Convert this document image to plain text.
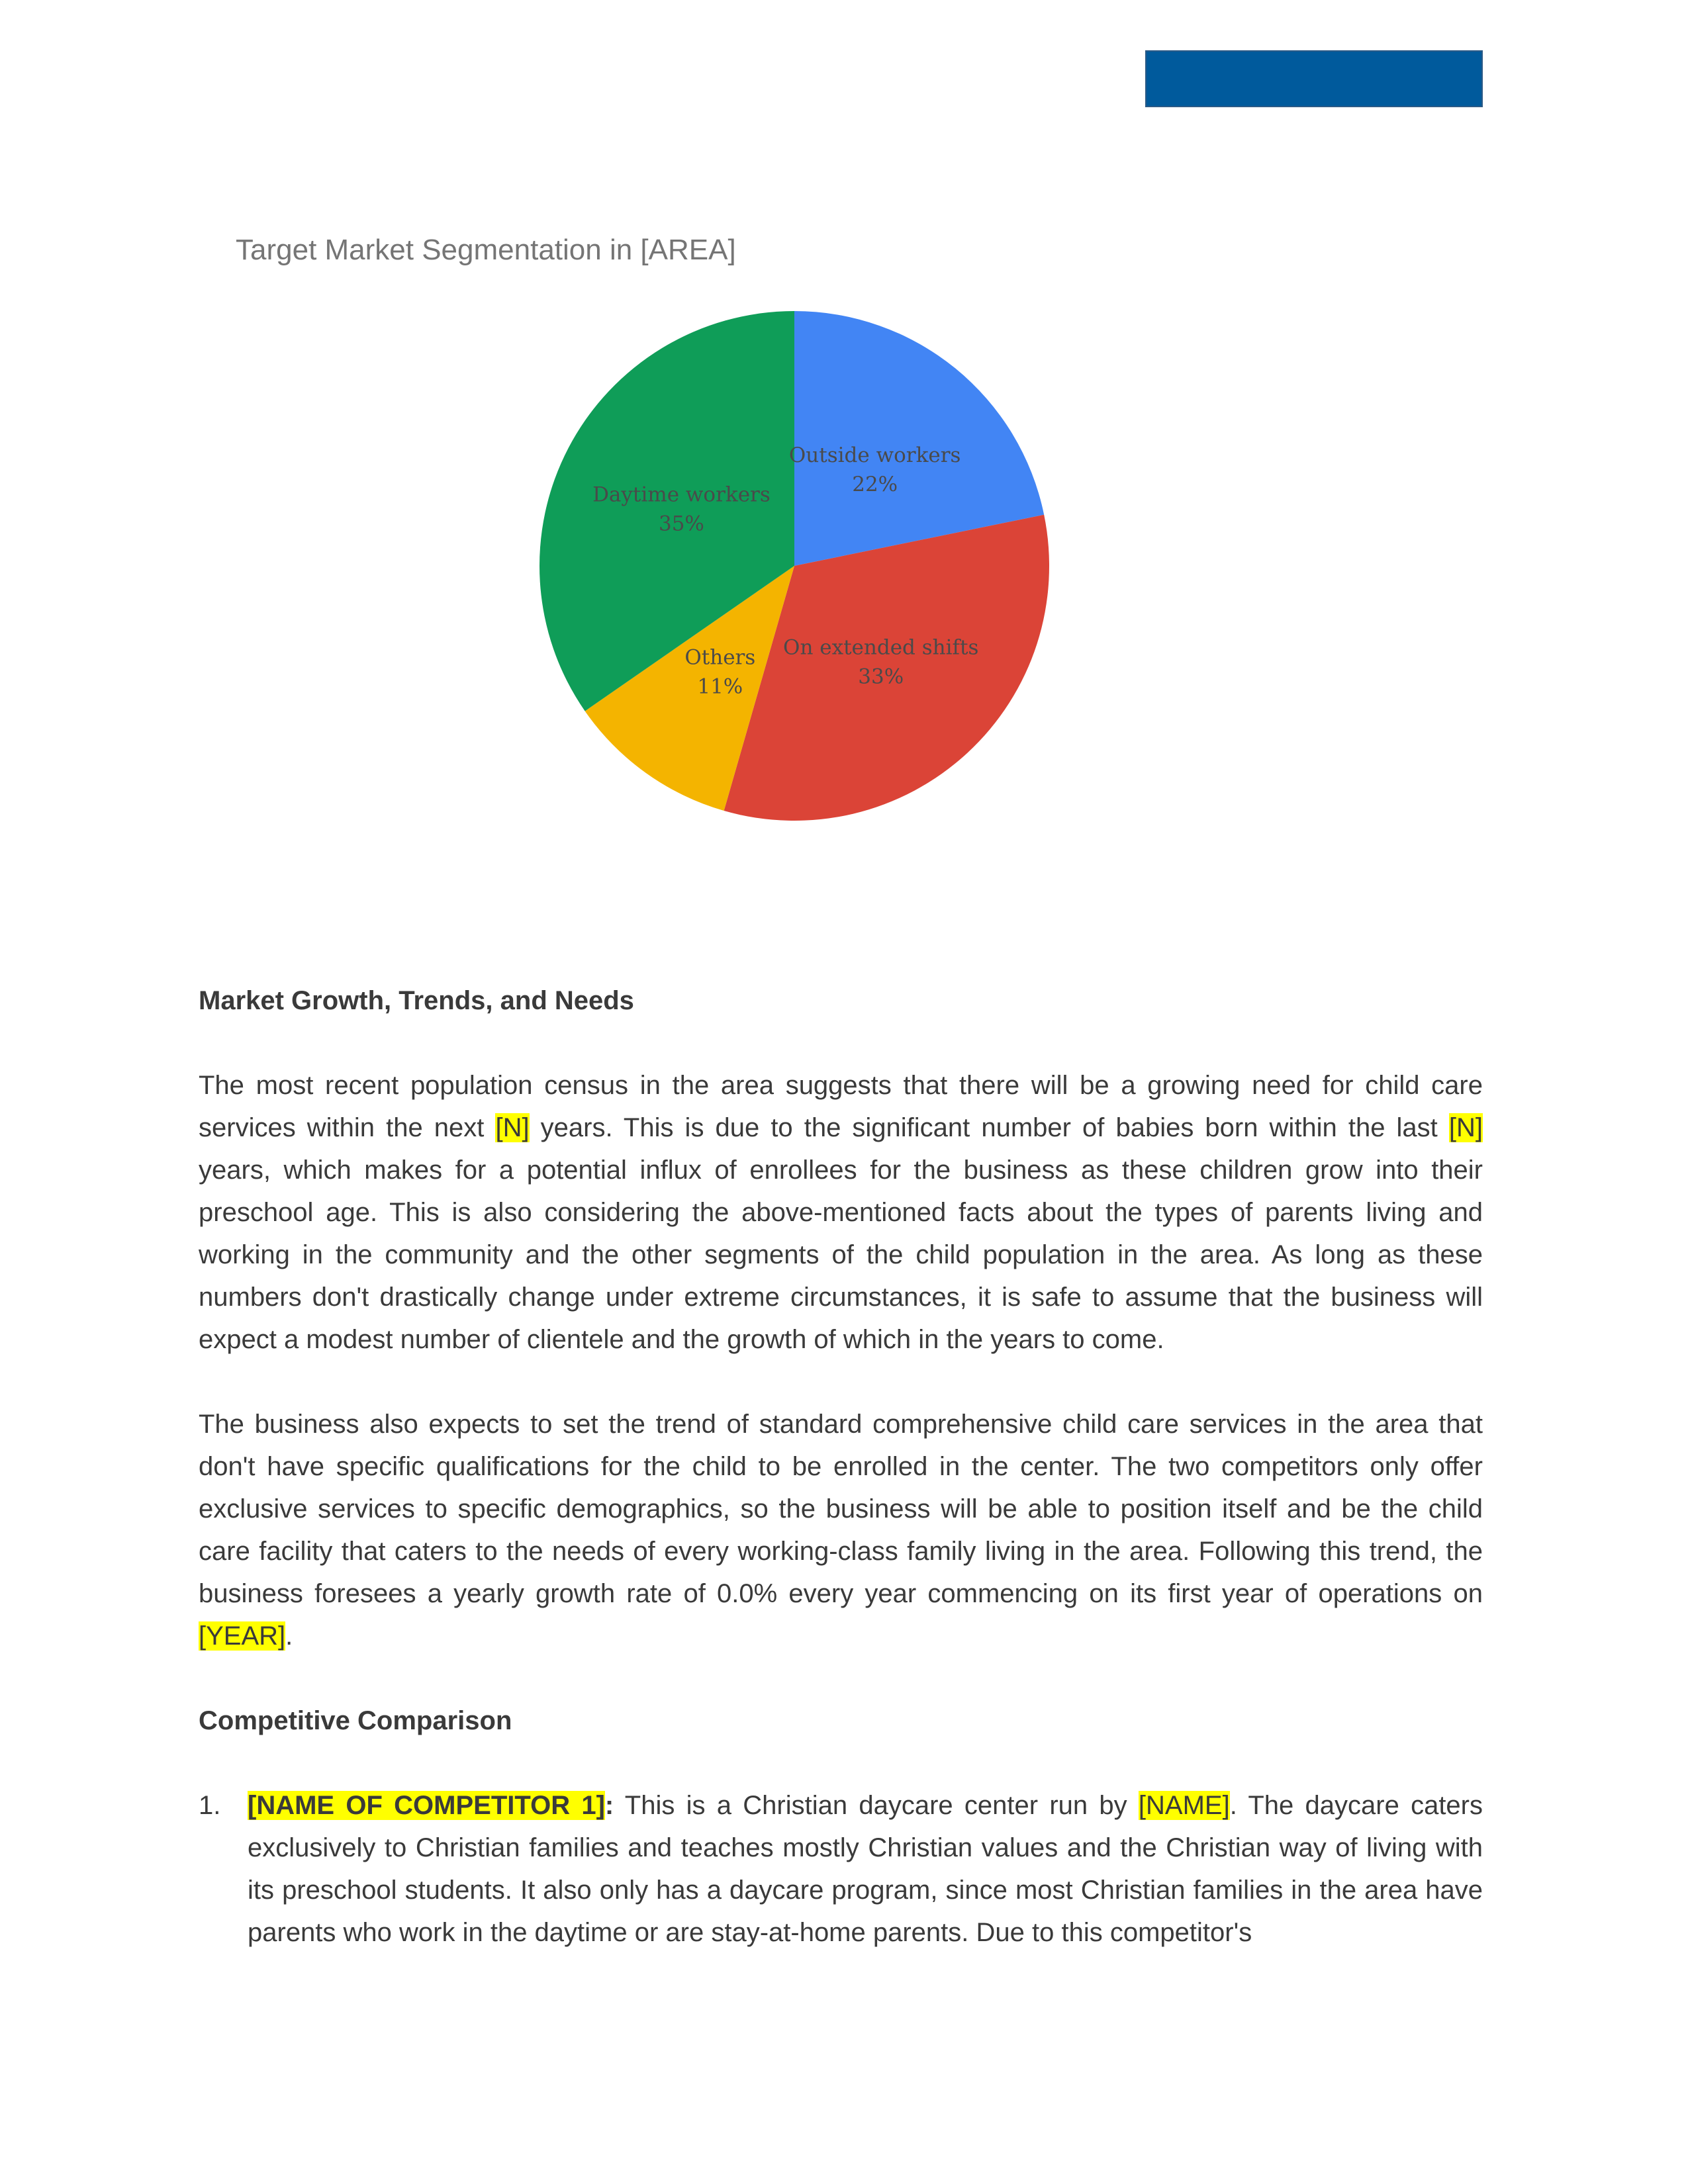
Target Market Segmentation in [AREA]
Outside workers
22%
On extended shifts
33%
Others
11%
Daytime workers
35%
Market Growth, Trends, and Needs

The most recent population census in the area suggests that there will be a growing need for child care services within the next [N] years. This is due to the significant number of babies born within the last [N] years, which makes for a potential influx of enrollees for the business as these children grow into their preschool age. This is also considering the above-mentioned facts about the types of parents living and working in the community and the other segments of the child population in the area. As long as these numbers don't drastically change under extreme circumstances, it is safe to assume that the business will expect a modest number of clientele and the growth of which in the years to come.

The business also expects to set the trend of standard comprehensive child care services in the area that don't have specific qualifications for the child to be enrolled in the center. The two competitors only offer exclusive services to specific demographics, so the business will be able to position itself and be the child care facility that caters to the needs of every working-class family living in the area. Following this trend, the business foresees a yearly growth rate of 0.0% every year commencing on its first year of operations on [YEAR].

Competitive Comparison
1. [NAME OF COMPETITOR 1]: This is a Christian daycare center run by [NAME]. The daycare caters exclusively to Christian families and teaches mostly Christian values and the Christian way of living with its preschool students. It also only has a daycare program, since most Christian families in the area have parents who work in the daytime or are stay-at-home parents. Due to this competitor's
